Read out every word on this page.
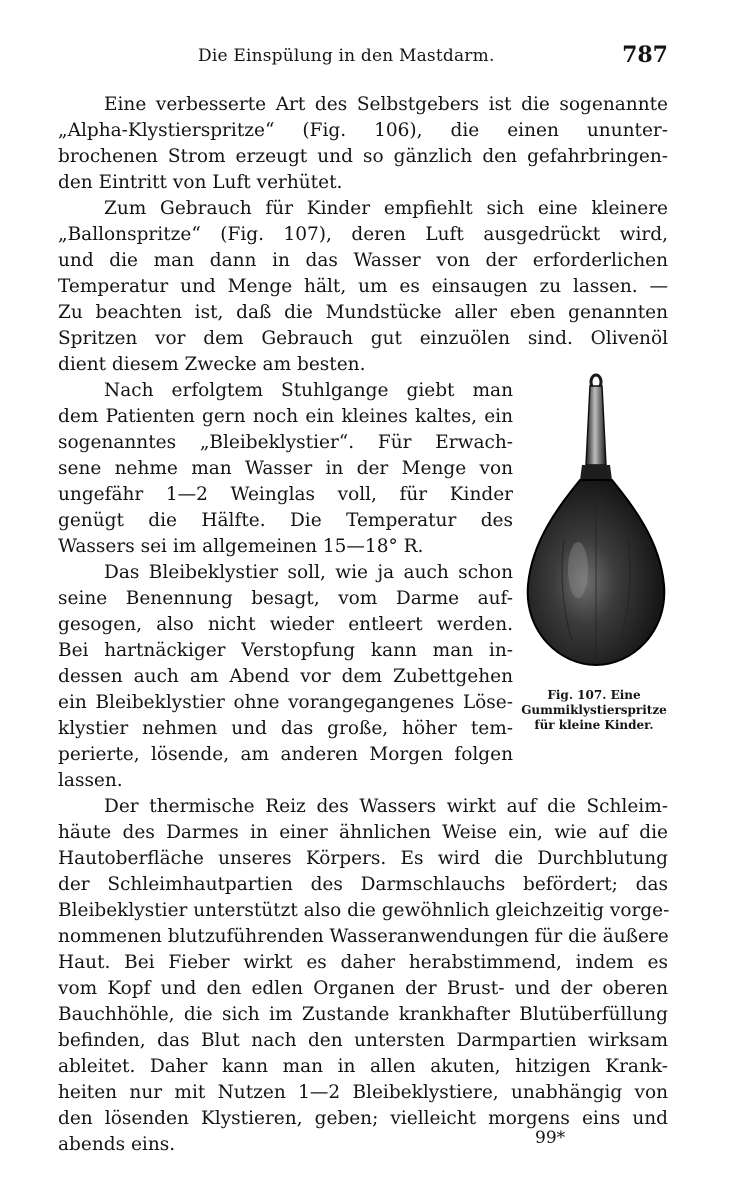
Die Einspülung in den Mastdarm.	787
Eine verbesserte Art des Selbstgebers ist die sogenannte
„Alpha-Klystierspritze“ (Fig. 106), die einen ununter-
brochenen Strom erzeugt und so gänzlich den gefahrbringen-
den Eintritt von Luft verhütet.
Zum Gebrauch für Kinder empfiehlt sich eine kleinere
„Ballonspritze“ (Fig. 107), deren Luft ausgedrückt wird,
und die man dann in das Wasser von der erforderlichen
Temperatur und Menge hält, um es einsaugen zu lassen. —
Zu beachten ist, daß die Mundstücke aller eben genannten
Spritzen vor dem Gebrauch gut einzuölen sind. Olivenöl
dient diesem Zwecke am besten.
Nach erfolgtem Stuhlgange giebt man
dem Patienten gern noch ein kleines kaltes, ein
sogenanntes „Bleibeklystier“. Für Erwach-
sene nehme man Wasser in der Menge von
ungefähr 1—2 Weinglas voll, für Kinder
genügt die Hälfte. Die Temperatur des
Wassers sei im allgemeinen 15—18° R.
Das Bleibeklystier soll, wie ja auch schon
seine Benennung besagt, vom Darme auf-
gesogen, also nicht wieder entleert werden.
Bei hartnäckiger Verstopfung kann man in-
dessen auch am Abend vor dem Zubettgehen
ein Bleibeklystier ohne vorangegangenes Löse-
klystier nehmen und das große, höher tem-
perierte, lösende, am anderen Morgen folgen
lassen.
Der thermische Reiz des Wassers wirkt auf die Schleim-
häute des Darmes in einer ähnlichen Weise ein, wie auf die
Hautoberfläche unseres Körpers. Es wird die Durchblutung
der Schleimhautpartien des Darmschlauchs befördert; das
Bleibeklystier unterstützt also die gewöhnlich gleichzeitig vorge-
nommenen blutzuführenden Wasseranwendungen für die äußere
Haut. Bei Fieber wirkt es daher herabstimmend, indem es
vom Kopf und den edlen Organen der Brust- und der oberen
Bauchhöhle, die sich im Zustande krankhafter Blutüberfüllung
befinden, das Blut nach den untersten Darmpartien wirksam
ableitet. Daher kann man in allen akuten, hitzigen Krank-
heiten nur mit Nutzen 1—2 Bleibeklystiere, unabhängig von
den lösenden Klystieren, geben; vielleicht morgens eins und
abends eins.
Fig. 107. Eine Gummiklystierspritze für kleine Kinder.
99*
